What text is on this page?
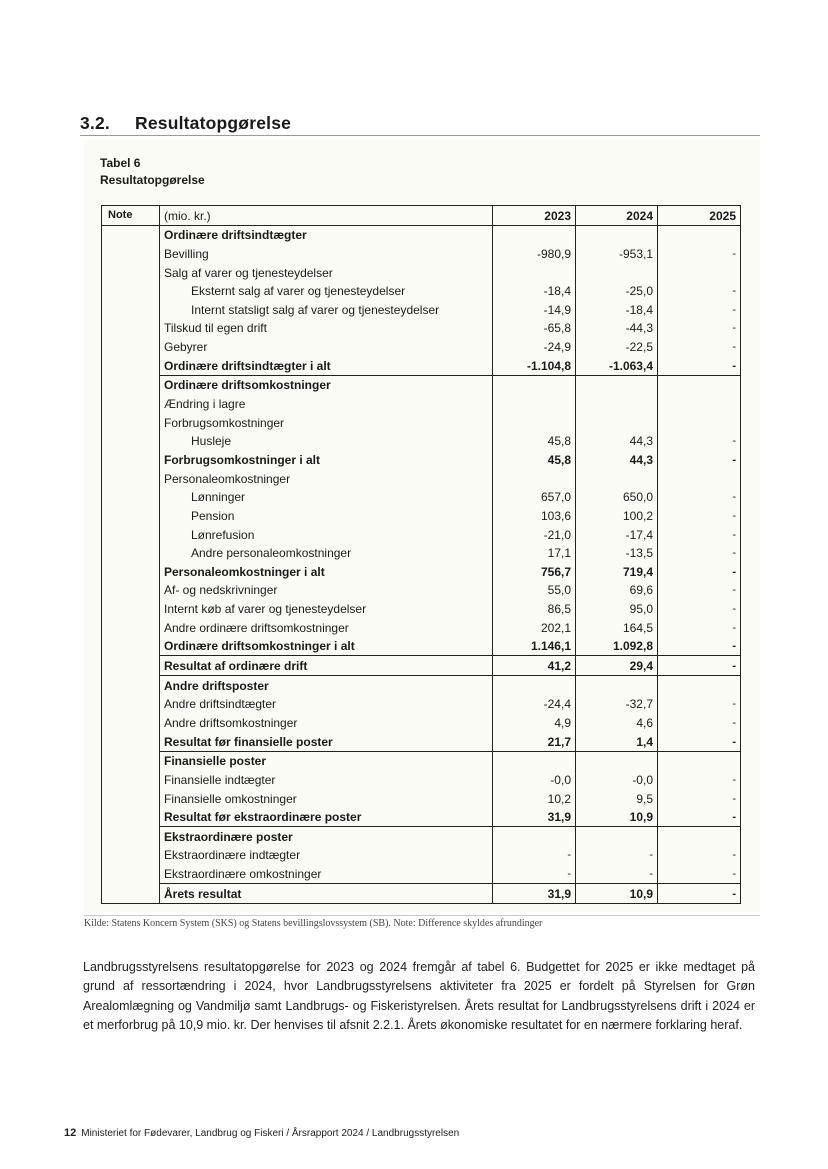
3.2. Resultatopgørelse
Tabel 6
Resultatopgørelse
Note	(mio. kr.)	2023	2024	2025
	Ordinære driftsindtægter			
	Bevilling	-980,9	-953,1	-
	Salg af varer og tjenesteydelser			
	Eksternt salg af varer og tjenesteydelser	-18,4	-25,0	-
	Internt statsligt salg af varer og tjenesteydelser	-14,9	-18,4	-
	Tilskud til egen drift	-65,8	-44,3	-
	Gebyrer	-24,9	-22,5	-
	Ordinære driftsindtægter i alt	-1.104,8	-1.063,4	-
	Ordinære driftsomkostninger			
	Ændring i lagre			
	Forbrugsomkostninger			
	Husleje	45,8	44,3	-
	Forbrugsomkostninger i alt	45,8	44,3	-
	Personaleomkostninger			
	Lønninger	657,0	650,0	-
	Pension	103,6	100,2	-
	Lønrefusion	-21,0	-17,4	-
	Andre personaleomkostninger	17,1	-13,5	-
	Personaleomkostninger i alt	756,7	719,4	-
	Af- og nedskrivninger	55,0	69,6	-
	Internt køb af varer og tjenesteydelser	86,5	95,0	-
	Andre ordinære driftsomkostninger	202,1	164,5	-
	Ordinære driftsomkostninger i alt	1.146,1	1.092,8	-
	Resultat af ordinære drift	41,2	29,4	-
	Andre driftsposter			
	Andre driftsindtægter	-24,4	-32,7	-
	Andre driftsomkostninger	4,9	4,6	-
	Resultat før finansielle poster	21,7	1,4	-
	Finansielle poster			
	Finansielle indtægter	-0,0	-0,0	-
	Finansielle omkostninger	10,2	9,5	-
	Resultat før ekstraordinære poster	31,9	10,9	-
	Ekstraordinære poster			
	Ekstraordinære indtægter	-	-	-
	Ekstraordinære omkostninger	-	-	-
	Årets resultat	31,9	10,9	-
Kilde: Statens Koncern System (SKS) og Statens bevillingslovssystem (SB). Note: Difference skyldes afrundinger
Landbrugsstyrelsens resultatopgørelse for 2023 og 2024 fremgår af tabel 6. Budgettet for 2025 er ikke medtaget på grund af ressortændring i 2024, hvor Landbrugsstyrelsens aktiviteter fra 2025 er fordelt på Styrelsen for Grøn Arealomlægning og Vandmiljø samt Landbrugs- og Fiskeristyrelsen. Årets resultat for Landbrugsstyrelsens drift i 2024 er et merforbrug på 10,9 mio. kr. Der henvises til afsnit 2.2.1. Årets økonomiske resultatet for en nærmere forklaring heraf.
12 Ministeriet for Fødevarer, Landbrug og Fiskeri / Årsrapport 2024 / Landbrugsstyrelsen
